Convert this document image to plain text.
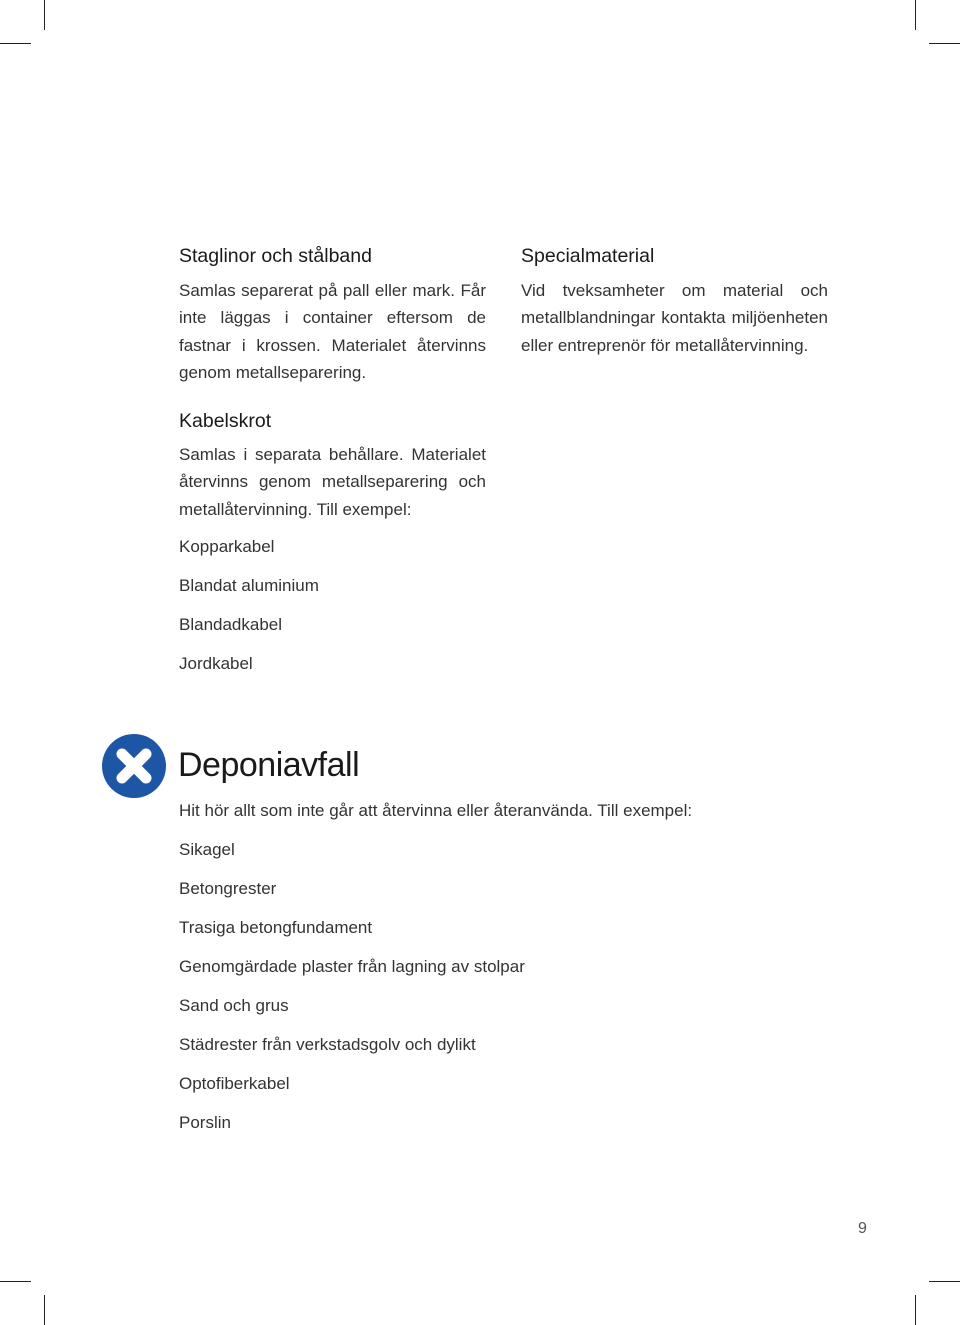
Staglinor och stålband

Samlas separerat på pall eller mark. Får inte läggas i container eftersom de fastnar i krossen. Materialet återvinns genom metallseparering.

Specialmaterial

Vid tveksamheter om material och metallblandningar kontakta miljöenheten eller entreprenör för metallåtervinning.

Kabelskrot

Samlas i separata behållare. Materialet återvinns genom metallseparering och metallåtervinning. Till exempel:

Kopparkabel
Blandat aluminium
Blandadkabel
Jordkabel
Deponiavfall

Hit hör allt som inte går att återvinna eller återanvända. Till exempel:

Sikagel
Betongrester
Trasiga betongfundament
Genomgärdade plaster från lagning av stolpar
Sand och grus
Städrester från verkstadsgolv och dylikt
Optofiberkabel
Porslin
9
